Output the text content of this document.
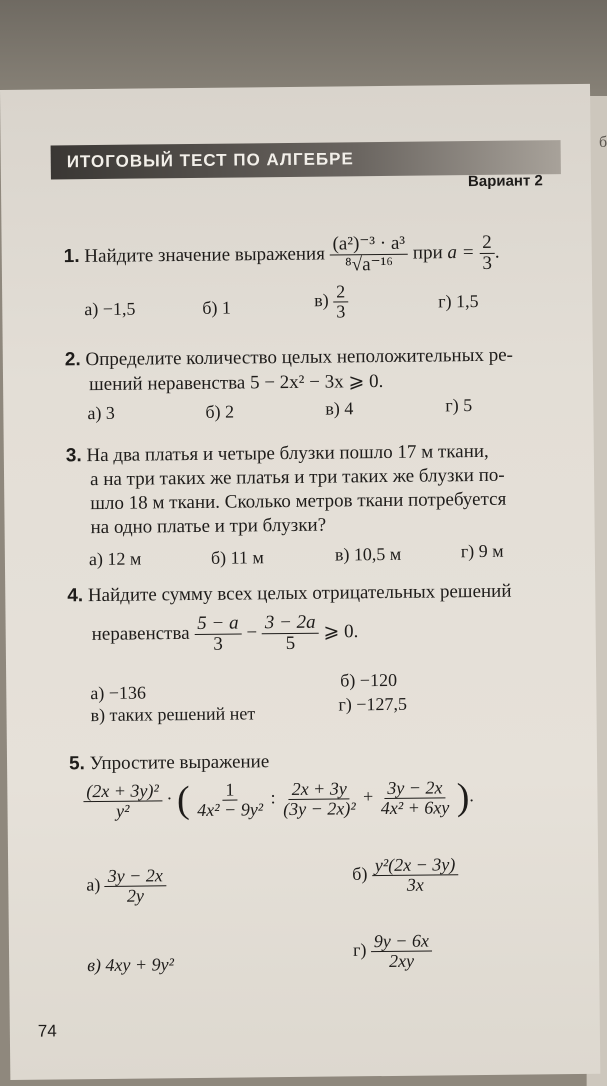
б
ИТОГОВЫЙ ТЕСТ ПО АЛГЕБРЕ
Вариант 2
1. Найдите значение выражения $\frac{\text{(a²)⁻³ · a³}}{\text{⁸√a⁻¹⁶}}$ при $a = \frac{2}{3}$ .
а) −1,5	б) 1	$в) \frac{2}{3}$	г) 1,5
2. Определите количество целых неположительных ре-
шений неравенства 5 − 2x² − 3x ⩾ 0.
а) 3	б) 2	в) 4	г) 5
3. На два платья и четыре блузки пошло 17 м ткани,
а на три таких же платья и три таких же блузки по-
шло 18 м ткани. Сколько метров ткани потребуется
на одно платье и три блузки?
а) 12 м	б) 11 м	в) 10,5 м	г) 9 м
4. Найдите сумму всех целых отрицательных решений
неравенства $\frac{5 - a}{3} - \frac{3 - 2a}{5}$ ⩾ 0.
а) −136
б) −120
в) таких решений нет	г) −127,5
5. Упростите выражение
$\frac{\text{(2x + 3y)²}}{\text{y²}}$ · ( $\frac{1}{\text{4x² − 9y²}}$ : $\frac{2x + 3y}{\text{(3y − 2x)²}} + \frac{3y - 2x}{\text{4x² + 6xy}}$ ).
$а) \frac{3y - 2x}{2y}$	$б) \frac{\text{y²(2x − 3y)}}{3x}$
в) 4xy + 9y²
$г) \frac{9y - 6x}{2xy}$
74
